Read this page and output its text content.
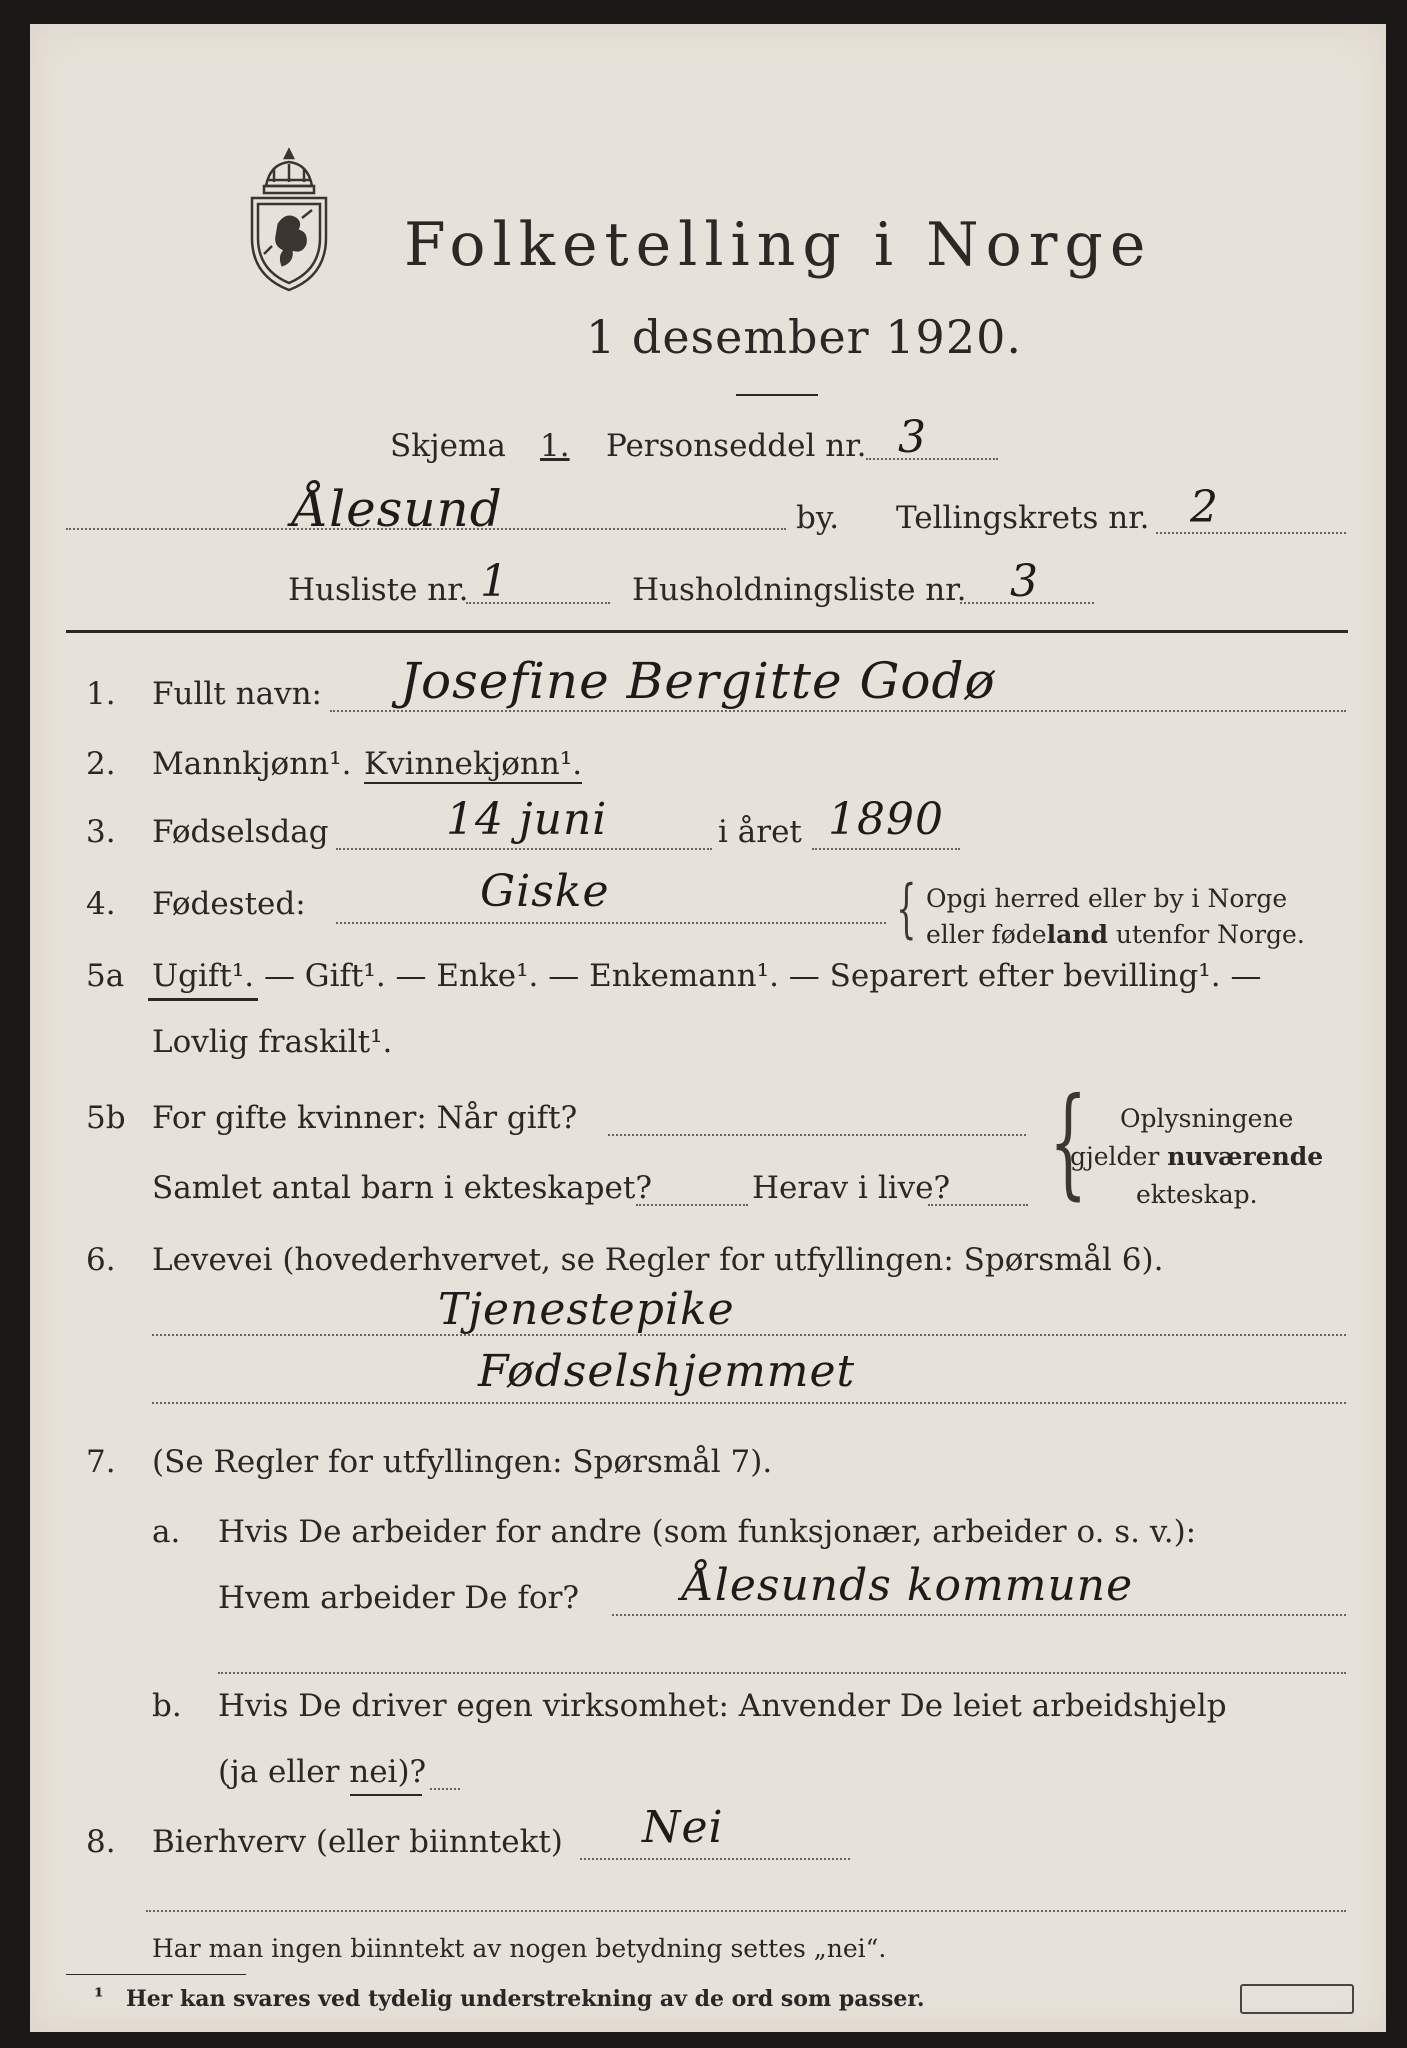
Folketelling i Norge
1 desember 1920.
Skjema 1. Personseddel nr. 3
Ålesund	by. Tellingskrets nr. 2
Husliste nr. 1	Husholdningsliste nr. 3
1. Fullt navn: Josefine Bergitte Godø
2. Mannkjønn¹. Kvinnekjønn¹.
3. Fødselsdag	14 juni	i året 1890
4. Fødested:	Giske	{ Opgi herred eller by i Norge
eller fødeland utenfor Norge.
5a Ugift¹. — Gift¹. — Enke¹. — Enkemann¹. — Separert efter bevilling¹. —
Lovlig fraskilt¹.
5b For gifte kvinner: Når gift?
Samlet antal barn i ekteskapet?	Herav i live? { Oplysningene
gjelder nuværende
ekteskap.
6. Levevei (hovederhvervet, se Regler for utfyllingen: Spørsmål 6).
Tjenestepike
Fødselshjemmet
7. (Se Regler for utfyllingen: Spørsmål 7).
a. Hvis De arbeider for andre (som funksjonær, arbeider o. s. v.):
Hvem arbeider De for? Ålesunds kommune
b. Hvis De driver egen virksomhet: Anvender De leiet arbeidshjelp
(ja eller nei)?
8. Bierhverv (eller biinntekt) Nei
Har man ingen biinntekt av nogen betydning settes „nei“.
¹ Her kan svares ved tydelig understrekning av de ord som passer.
